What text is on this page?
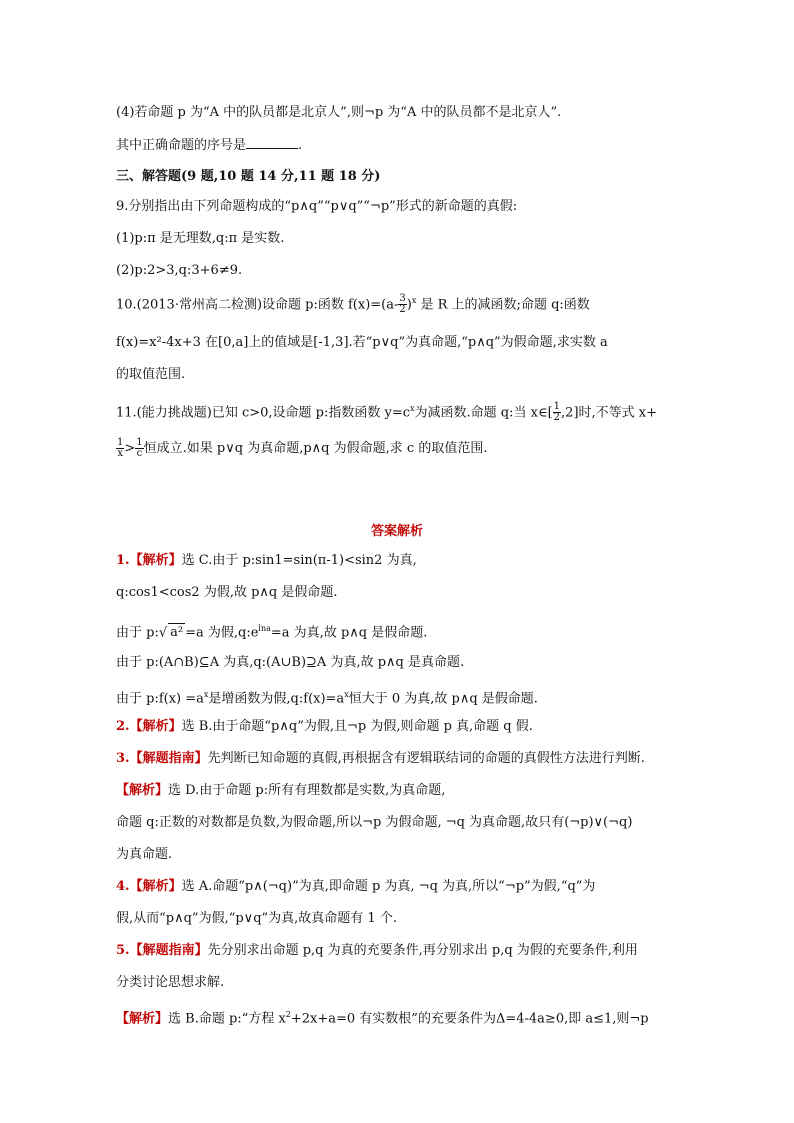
(4)若命题 p 为“A 中的队员都是北京人”,则¬p 为“A 中的队员都不是北京人”.
其中正确命题的序号是	.
三、解答题(9 题,10 题 14 分,11 题 18 分)
9.分别指出由下列命题构成的“p∧q”“p∨q”“¬p”形式的新命题的真假:
(1)p:π 是无理数,q:π 是实数.
(2)p:2>3,q:3+6≠9.
10.(2013·常州高二检测)设命题 p:函数 $f(x)=(a- \frac{3}{2} )^x$ 是 R 上的减函数;命题 q:函数
f(x)=x²-4x+3 在[0,a]上的值域是[-1,3].若“p∨q”为真命题,“p∧q”为假命题,求实数 a
的取值范围.
11.(能力挑战题)已知 c>0,设命题 p:指数函数 $y=c^x$为减函数.命题 q:当 x∈[ $\frac{1}{2} ,2$]时,不等式 x+
$\frac{1}{x} > \frac{1}{c}$ 恒成立.如果 p∨q 为真命题,p∧q 为假命题,求 c 的取值范围.
答案解析
1.【解析】选 C.由于 p:sin1=sin(π-1)<sin2 为真,
q:cos1<cos2 为假,故 p∧q 是假命题.
由于 p:√ a² =a 为假$,q:e^{lna}=a$ 为真,故 p∧q 是假命题.
由于 p:(A∩B)⊆A 为真,q:(A∪B)⊇A 为真,故 p∧q 是真命题.
由于 p:f(x) $=a^x$是增函数为假$,q:f(x)=a^x$恒大于 0 为真,故 p∧q 是假命题.
2.【解析】选 B.由于命题“p∧q”为假,且¬p 为假,则命题 p 真,命题 q 假.
3.【解题指南】先判断已知命题的真假,再根据含有逻辑联结词的命题的真假性方法进行判断.
【解析】选 D.由于命题 p:所有有理数都是实数,为真命题,
命题 q:正数的对数都是负数,为假命题,所以¬p 为假命题, ¬q 为真命题,故只有(¬p)∨(¬q)
为真命题.
4.【解析】选 A.命题“p∧(¬q)”为真,即命题 p 为真, ¬q 为真,所以“¬p”为假,“q”为
假,从而“p∧q”为假,“p∨q”为真,故真命题有 1 个.
5.【解题指南】先分别求出命题 p,q 为真的充要条件,再分别求出 p,q 为假的充要条件,利用
分类讨论思想求解.
【解析】选 B.命题 p:“方程 $x^2+2x+a=0$ 有实数根”的充要条件为Δ=4-4a≥0,即 a≤1,则¬p
